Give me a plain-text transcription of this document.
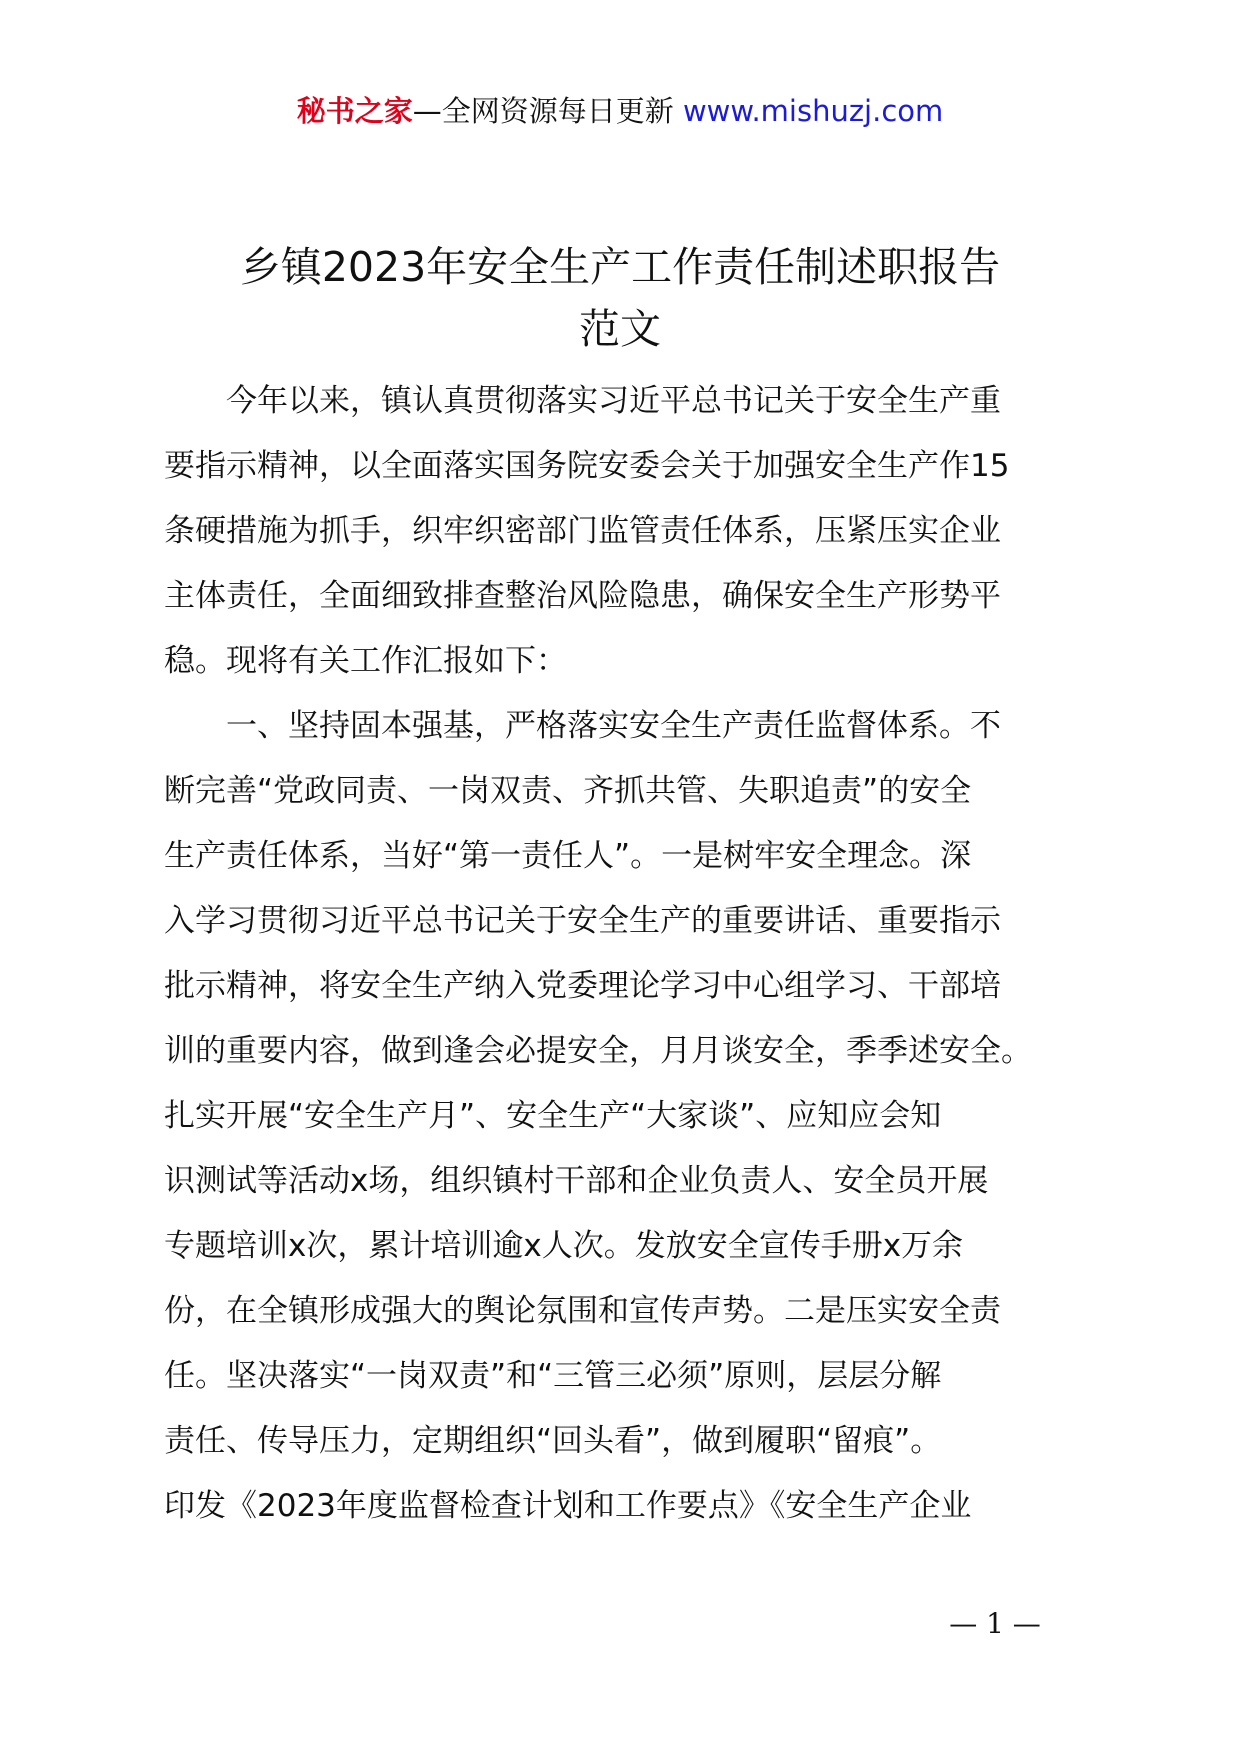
秘书之家—全网资源每日更新 www.mishuzj.com
乡镇2023年安全生产工作责任制述职报告
范文
　　今年以来，镇认真贯彻落实习近平总书记关于安全生产重
要指示精神，以全面落实国务院安委会关于加强安全生产作15
条硬措施为抓手，织牢织密部门监管责任体系，压紧压实企业
主体责任，全面细致排查整治风险隐患，确保安全生产形势平
稳。现将有关工作汇报如下：
　　一、坚持固本强基，严格落实安全生产责任监督体系。不
断完善“党政同责、一岗双责、齐抓共管、失职追责”的安全
生产责任体系，当好“第一责任人”。一是树牢安全理念。深
入学习贯彻习近平总书记关于安全生产的重要讲话、重要指示
批示精神，将安全生产纳入党委理论学习中心组学习、干部培
训的重要内容，做到逢会必提安全，月月谈安全，季季述安全。
扎实开展“安全生产月”、安全生产“大家谈”、应知应会知
识测试等活动x场，组织镇村干部和企业负责人、安全员开展
专题培训x次，累计培训逾x人次。发放安全宣传手册x万余
份，在全镇形成强大的舆论氛围和宣传声势。二是压实安全责
任。坚决落实“一岗双责”和“三管三必须”原则，层层分解
责任、传导压力，定期组织“回头看”，做到履职“留痕”。
印发《2023年度监督检查计划和工作要点》《安全生产企业
— 1 —
